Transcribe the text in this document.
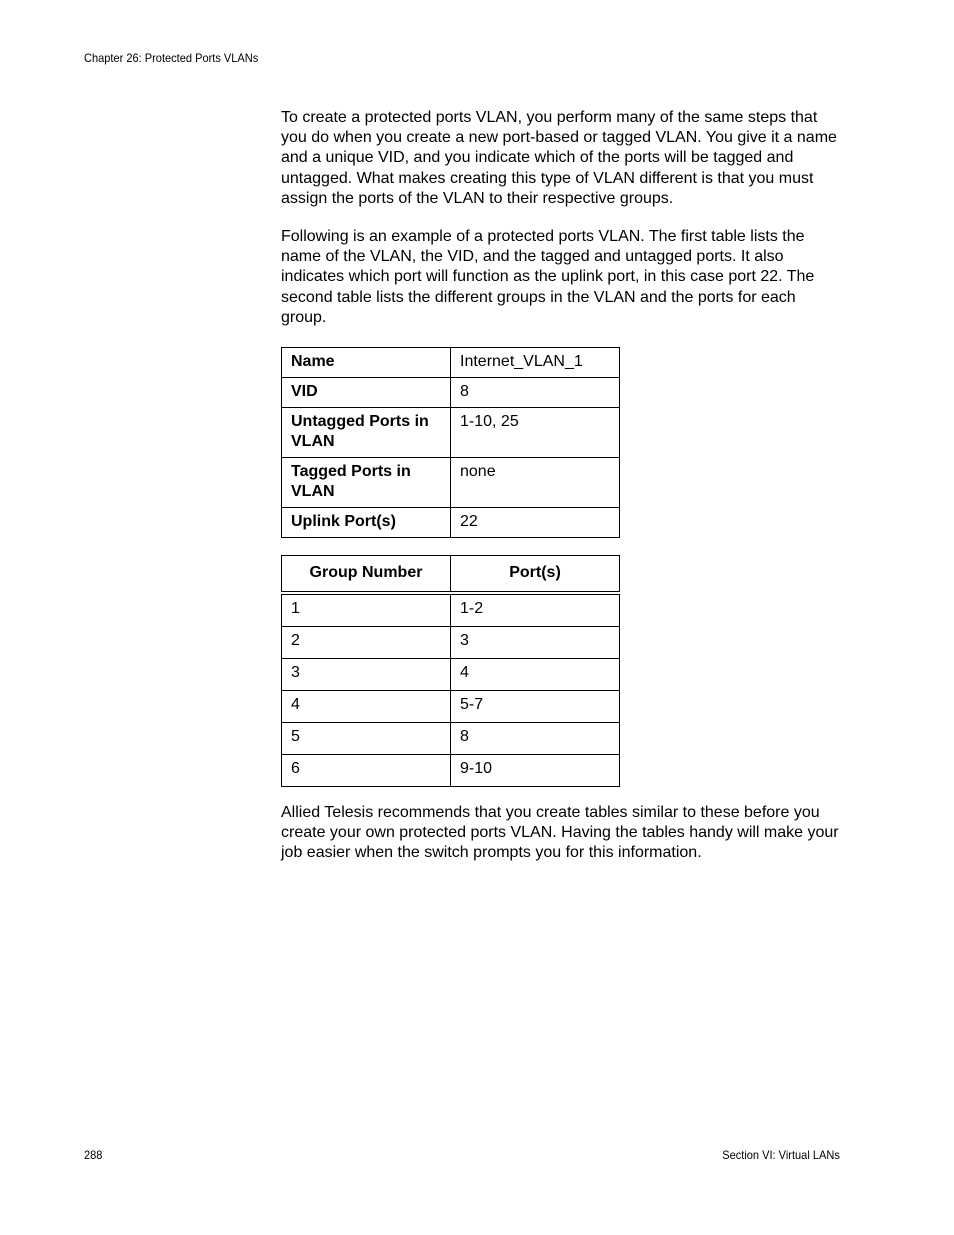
Chapter 26: Protected Ports VLANs

To create a protected ports VLAN, you perform many of the same steps that you do when you create a new port-based or tagged VLAN. You give it a name and a unique VID, and you indicate which of the ports will be tagged and untagged. What makes creating this type of VLAN different is that you must assign the ports of the VLAN to their respective groups.

Following is an example of a protected ports VLAN. The first table lists the name of the VLAN, the VID, and the tagged and untagged ports. It also indicates which port will function as the uplink port, in this case port 22. The second table lists the different groups in the VLAN and the ports for each group.

Name	Internet_VLAN_1
VID	8
Untagged Ports in VLAN	1-10, 25
Tagged Ports in VLAN	none
Uplink Port(s)	22
Group Number	Port(s)
1	1-2
2	3
3	4
4	5-7
5	8
6	9-10

Allied Telesis recommends that you create tables similar to these before you create your own protected ports VLAN. Having the tables handy will make your job easier when the switch prompts you for this information.

288	Section VI: Virtual LANs
